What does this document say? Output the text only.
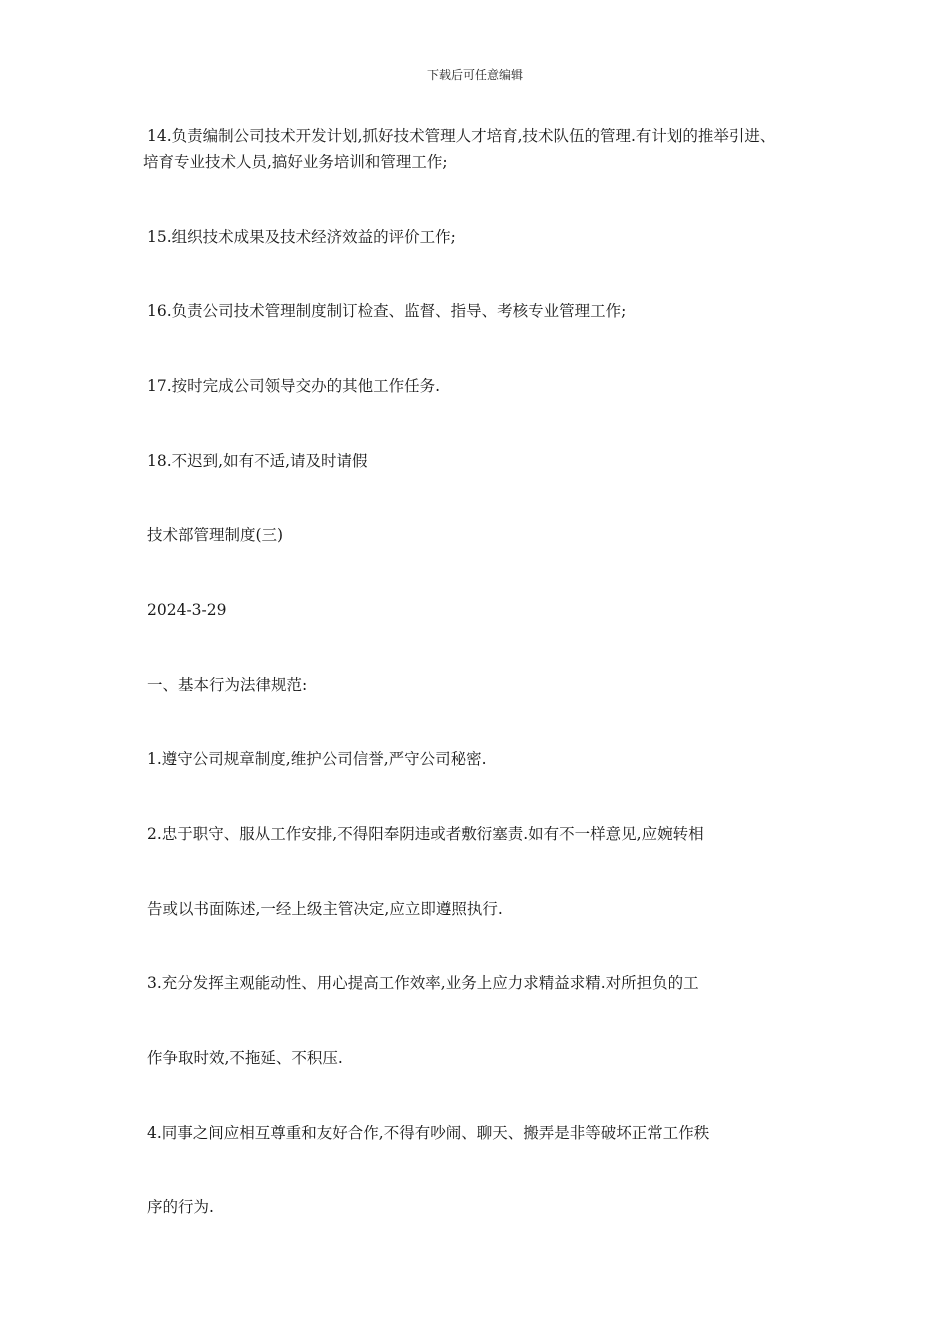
下载后可任意编辑
14.负责编制公司技术开发计划,抓好技术管理人才培育,技术队伍的管理.有计划的推举引进、
培育专业技术人员,搞好业务培训和管理工作;
15.组织技术成果及技术经济效益的评价工作;
16.负责公司技术管理制度制订检查、监督、指导、考核专业管理工作;
17.按时完成公司领导交办的其他工作任务.
18.不迟到,如有不适,请及时请假
技术部管理制度(三)
2024-3-29
一、基本行为法律规范:
1.遵守公司规章制度,维护公司信誉,严守公司秘密.
2.忠于职守、服从工作安排,不得阳奉阴违或者敷衍塞责.如有不一样意见,应婉转相
告或以书面陈述,一经上级主管决定,应立即遵照执行.
3.充分发挥主观能动性、用心提高工作效率,业务上应力求精益求精.对所担负的工
作争取时效,不拖延、不积压.
4.同事之间应相互尊重和友好合作,不得有吵闹、聊天、搬弄是非等破坏正常工作秩
序的行为.
